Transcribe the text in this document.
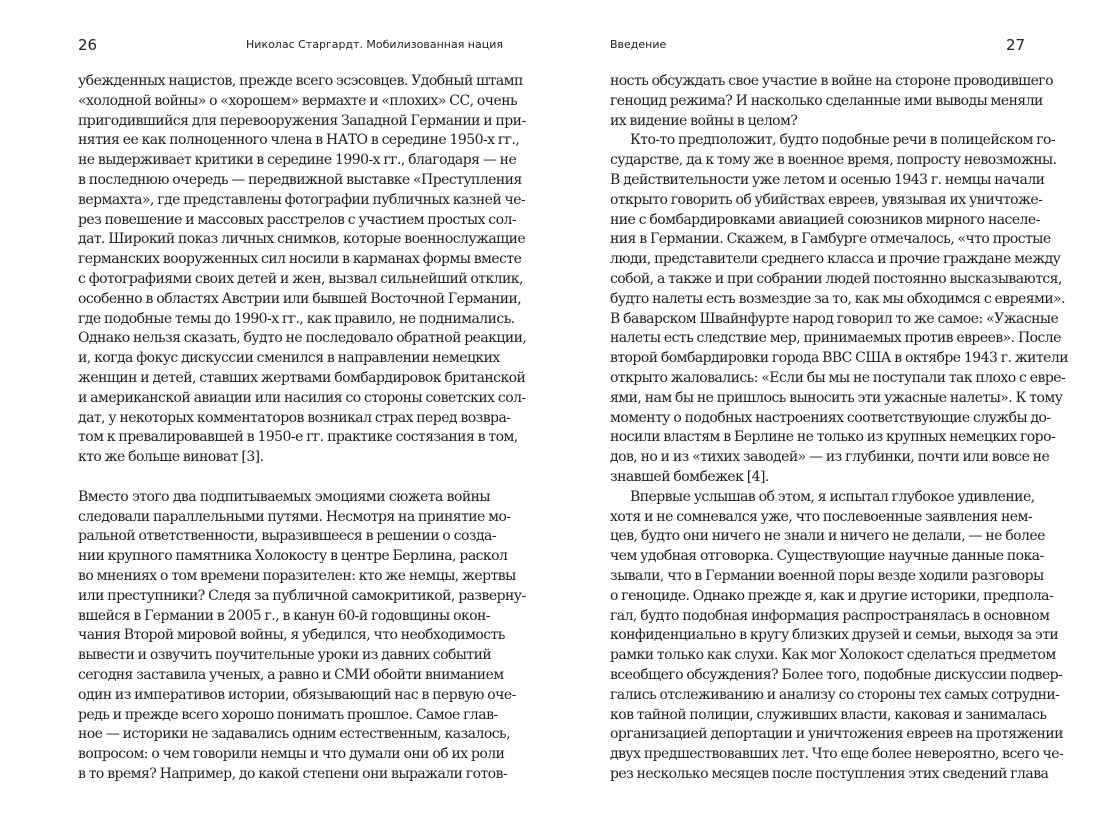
26	Николас Старгардт. Мобилизованная нация
убежденных нацистов, прежде всего эсэсовцев. Удобный штамп
«холодной войны» о «хорошем» вермахте и «плохих» СС, очень
пригодившийся для перевооружения Западной Германии и при-
нятия ее как полноценного члена в НАТО в середине 1950-х гг.,
не выдерживает критики в середине 1990-х гг., благодаря — не
в последнюю очередь — передвижной выставке «Преступления
вермахта», где представлены фотографии публичных казней че-
рез повешение и массовых расстрелов с участием простых сол-
дат. Широкий показ личных снимков, которые военнослужащие
германских вооруженных сил носили в карманах формы вместе
с фотографиями своих детей и жен, вызвал сильнейший отклик,
особенно в областях Австрии или бывшей Восточной Германии,
где подобные темы до 1990-х гг., как правило, не поднимались.
Однако нельзя сказать, будто не последовало обратной реакции,
и, когда фокус дискуссии сменился в направлении немецких
женщин и детей, ставших жертвами бомбардировок британской
и американской авиации или насилия со стороны советских сол-
дат, у некоторых комментаторов возникал страх перед возвра-
том к превалировавшей в 1950-е гг. практике состязания в том,
кто же больше виноват [3].
Вместо этого два подпитываемых эмоциями сюжета войны
следовали параллельными путями. Несмотря на принятие мо-
ральной ответственности, выразившееся в решении о созда-
нии крупного памятника Холокосту в центре Берлина, раскол
во мнениях о том времени поразителен: кто же немцы, жертвы
или преступники? Следя за публичной самокритикой, разверну-
вшейся в Германии в 2005 г., в канун 60-й годовщины окон-
чания Второй мировой войны, я убедился, что необходимость
вывести и озвучить поучительные уроки из давних событий
сегодня заставила ученых, а равно и СМИ обойти вниманием
один из императивов истории, обязывающий нас в первую оче-
редь и прежде всего хорошо понимать прошлое. Самое глав-
ное — историки не задавались одним естественным, казалось,
вопросом: о чем говорили немцы и что думали они об их роли
в то время? Например, до какой степени они выражали готов-
Введение	27
ность обсуждать свое участие в войне на стороне проводившего
геноцид режима? И насколько сделанные ими выводы меняли
их видение войны в целом?
Кто-то предположит, будто подобные речи в полицейском го-
сударстве, да к тому же в военное время, попросту невозможны.
В действительности уже летом и осенью 1943 г. немцы начали
открыто говорить об убийствах евреев, увязывая их уничтоже-
ние с бомбардировками авиацией союзников мирного населе-
ния в Германии. Скажем, в Гамбурге отмечалось, «что простые
люди, представители среднего класса и прочие граждане между
собой, а также и при собрании людей постоянно высказываются,
будто налеты есть возмездие за то, как мы обходимся с евреями».
В баварском Швайнфурте народ говорил то же самое: «Ужасные
налеты есть следствие мер, принимаемых против евреев». После
второй бомбардировки города ВВС США в октябре 1943 г. жители
открыто жаловались: «Если бы мы не поступали так плохо с евре-
ями, нам бы не пришлось выносить эти ужасные налеты». К тому
моменту о подобных настроениях соответствующие службы до-
носили властям в Берлине не только из крупных немецких горо-
дов, но и из «тихих заводей» — из глубинки, почти или вовсе не
знавшей бомбежек [4].
Впервые услышав об этом, я испытал глубокое удивление,
хотя и не сомневался уже, что послевоенные заявления нем-
цев, будто они ничего не знали и ничего не делали, — не более
чем удобная отговорка. Существующие научные данные пока-
зывали, что в Германии военной поры везде ходили разговоры
о геноциде. Однако прежде я, как и другие историки, предпола-
гал, будто подобная информация распространялась в основном
конфиденциально в кругу близких друзей и семьи, выходя за эти
рамки только как слухи. Как мог Холокост сделаться предметом
всеобщего обсуждения? Более того, подобные дискуссии подвер-
гались отслеживанию и анализу со стороны тех самых сотрудни-
ков тайной полиции, служивших власти, каковая и занималась
организацией депортации и уничтожения евреев на протяжении
двух предшествовавших лет. Что еще более невероятно, всего че-
рез несколько месяцев после поступления этих сведений глава
